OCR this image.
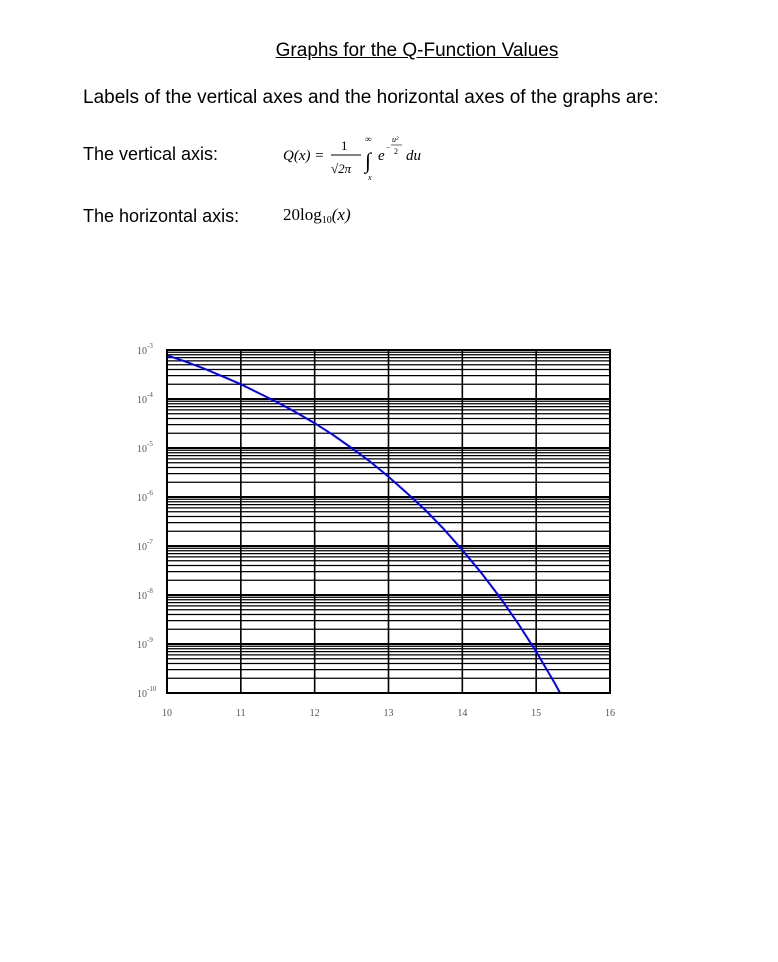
Graphs for the Q-Function Values
Labels of the vertical axes and the horizontal axes of the graphs are:
The vertical axis:
The horizontal axis:
Q(x) =
1
√2π
∞
∫
x
e
−
u²
2 du
$20\log_{10}(x)$
$10^{-3}$
$10^{-4}$
$10^{-5}$
$10^{-6}$
$10^{-7}$
$10^{-8}$
$10^{-9}$
$10^{-10}$
10	11	12	13	14	15	16
